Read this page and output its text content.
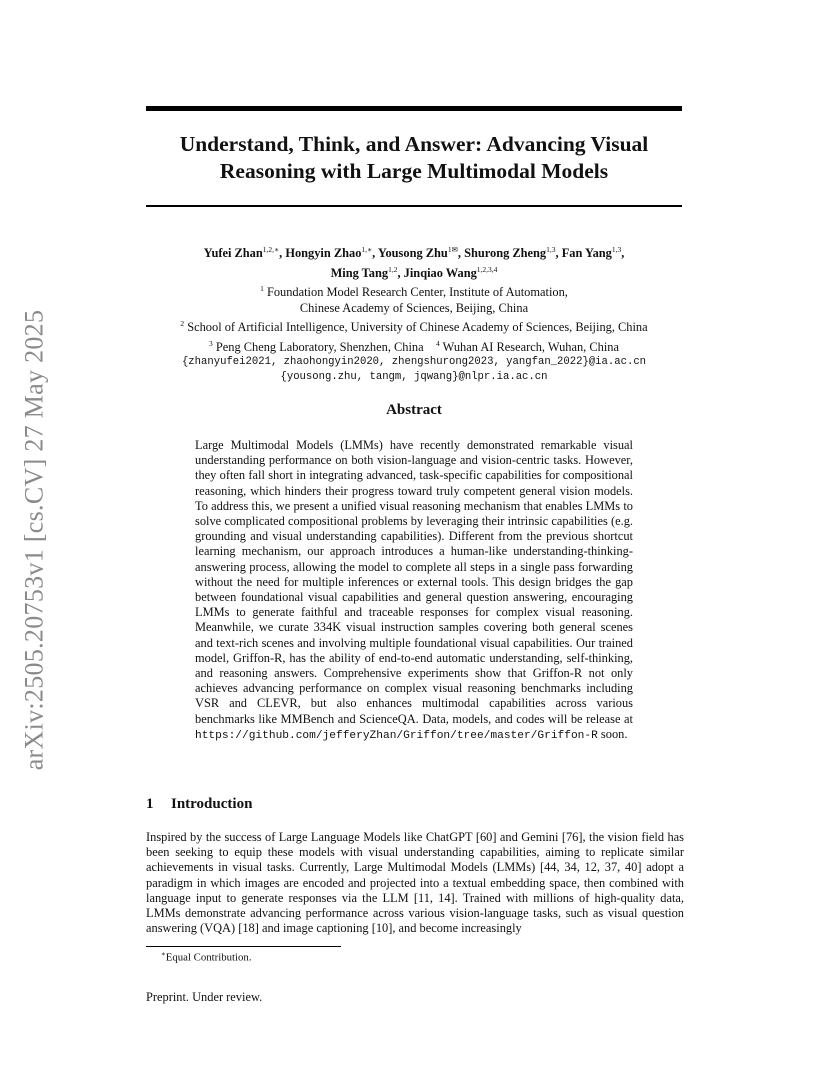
arXiv:2505.20753v1 [cs.CV] 27 May 2025
Understand, Think, and Answer: Advancing Visual
Reasoning with Large Multimodal Models
Yufei Zhan$^{1,2,∗}$, Hongyin Zhao$^{1,∗}$, Yousong Zhu$^{1✉}$, Shurong Zheng$^{1,3}$, Fan Yang$^{1,3}$,
Ming Tang$^{1,2}$, Jinqiao Wang$^{1,2,3,4}$
$^1$ Foundation Model Research Center, Institute of Automation,
Chinese Academy of Sciences, Beijing, China
$^2$ School of Artificial Intelligence, University of Chinese Academy of Sciences, Beijing, China
$^3$ Peng Cheng Laboratory, Shenzhen, China $^4$ Wuhan AI Research, Wuhan, China
{zhanyufei2021, zhaohongyin2020, zhengshurong2023, yangfan_2022}@ia.ac.cn
{yousong.zhu, tangm, jqwang}@nlpr.ia.ac.cn
Abstract
Large Multimodal Models (LMMs) have recently demonstrated remarkable visual understanding performance on both vision-language and vision-centric tasks. However, they often fall short in integrating advanced, task-specific capabilities for compositional reasoning, which hinders their progress toward truly competent general vision models. To address this, we present a unified visual reasoning mechanism that enables LMMs to solve complicated compositional problems by leveraging their intrinsic capabilities (e.g. grounding and visual understanding capabilities). Different from the previous shortcut learning mechanism, our approach introduces a human-like understanding-thinking-answering process, allowing the model to complete all steps in a single pass forwarding without the need for multiple inferences or external tools. This design bridges the gap between foundational visual capabilities and general question answering, encouraging LMMs to generate faithful and traceable responses for complex visual reasoning. Meanwhile, we curate 334K visual instruction samples covering both general scenes and text-rich scenes and involving multiple foundational visual capabilities. Our trained model, Griffon-R, has the ability of end-to-end automatic understanding, self-thinking, and reasoning answers. Comprehensive experiments show that Griffon-R not only achieves advancing performance on complex visual reasoning benchmarks including VSR and CLEVR, but also enhances multimodal capabilities across various benchmarks like MMBench and ScienceQA. Data, models, and codes will be release at https://github.com/jefferyZhan/Griffon/tree/master/Griffon-R soon.
1 Introduction
Inspired by the success of Large Language Models like ChatGPT [60] and Gemini [76], the vision field has been seeking to equip these models with visual understanding capabilities, aiming to replicate similar achievements in visual tasks. Currently, Large Multimodal Models (LMMs) [44, 34, 12, 37, 40] adopt a paradigm in which images are encoded and projected into a textual embedding space, then combined with language input to generate responses via the LLM [11, 14]. Trained with millions of high-quality data, LMMs demonstrate advancing performance across various vision-language tasks, such as visual question answering (VQA) [18] and image captioning [10], and become increasingly
∗Equal Contribution.
Preprint. Under review.
